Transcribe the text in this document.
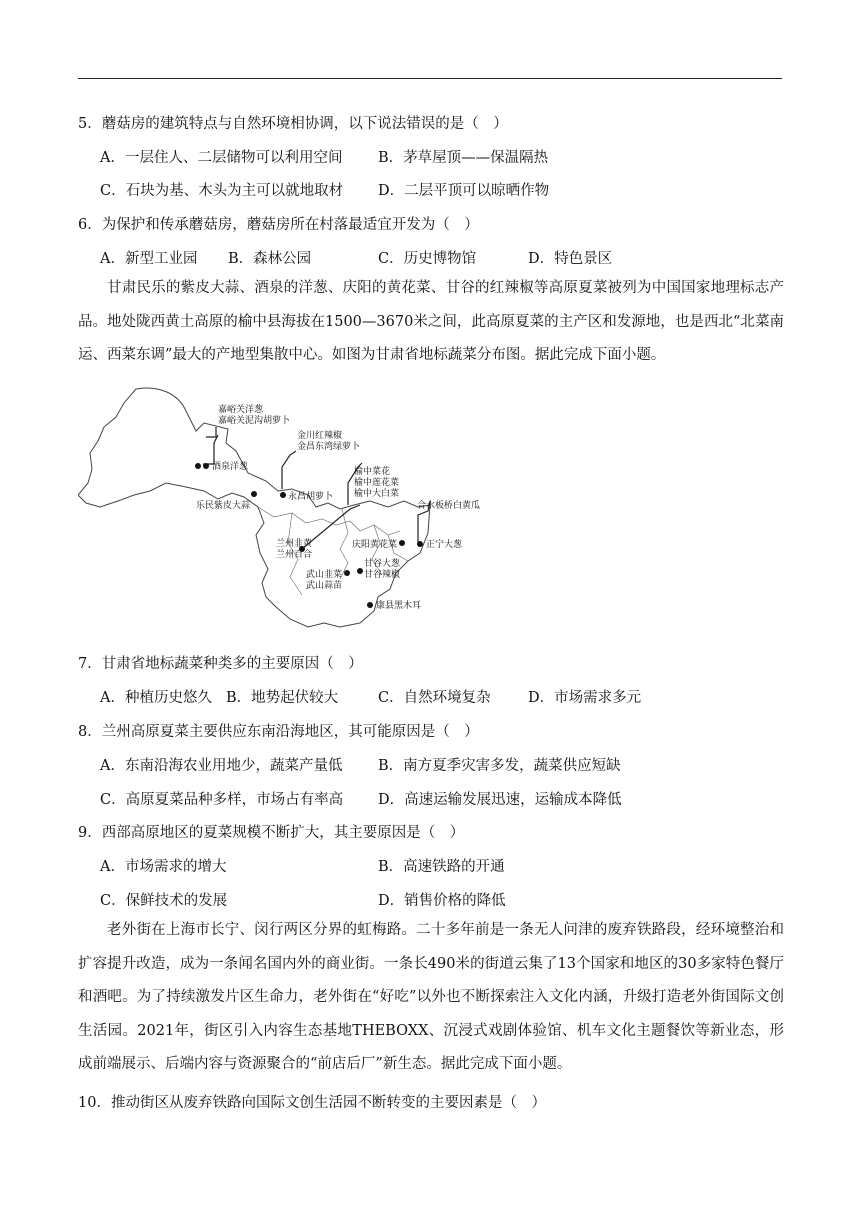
5．蘑菇房的建筑特点与自然环境相协调，以下说法错误的是（　）
A．一层住人、二层储物可以利用空间 B．茅草屋顶——保温隔热
C．石块为基、木头为主可以就地取材 D．二层平顶可以晾晒作物
6．为保护和传承蘑菇房，蘑菇房所在村落最适宜开发为（　）
A．新型工业园 B．森林公园	C．历史博物馆	D．特色景区

甘肃民乐的紫皮大蒜、酒泉的洋葱、庆阳的黄花菜、甘谷的红辣椒等高原夏菜被列为中国国家地理标志产品。地处陇西黄土高原的榆中县海拔在1500—3670米之间，此高原夏菜的主产区和发源地，也是西北“北菜南运、西菜东调”最大的产地型集散中心。如图为甘肃省地标蔬菜分布图。据此完成下面小题。

嘉峪关洋葱
嘉峪关泥沟胡萝卜
酒泉洋葱
金川红辣椒
金昌东湾绿萝卜
乐民紫皮大蒜
永昌胡萝卜
榆中菜花
榆中莲花菜
榆中大白菜
合水板桥白黄瓜
兰州韭黄
兰州百合
庆阳黄花菜	正宁大葱
甘谷大葱
甘谷辣椒
武山韭菜
武山蒜苗
康县黑木耳
7．甘肃省地标蔬菜种类多的主要原因（　）
A．种植历史悠久 B．地势起伏较大	C．自然环境复杂	D．市场需求多元
8．兰州高原夏菜主要供应东南沿海地区，其可能原因是（　）
A．东南沿海农业用地少，蔬菜产量低 B．南方夏季灾害多发，蔬菜供应短缺
C．高原夏菜品种多样，市场占有率高 D．高速运输发展迅速，运输成本降低
9．西部高原地区的夏菜规模不断扩大，其主要原因是（　）
A．市场需求的增大	B．高速铁路的开通
C．保鲜技术的发展	D．销售价格的降低

老外街在上海市长宁、闵行两区分界的虹梅路。二十多年前是一条无人问津的废弃铁路段，经环境整治和扩容提升改造，成为一条闻名国内外的商业街。一条长490米的街道云集了13个国家和地区的30多家特色餐厅和酒吧。为了持续激发片区生命力，老外街在“好吃”以外也不断探索注入文化内涵，升级打造老外街国际文创生活园。2021年，街区引入内容生态基地THEBOXX、沉浸式戏剧体验馆、机车文化主题餐饮等新业态，形成前端展示、后端内容与资源聚合的“前店后厂”新生态。据此完成下面小题。

10．推动街区从废弃铁路向国际文创生活园不断转变的主要因素是（　）
